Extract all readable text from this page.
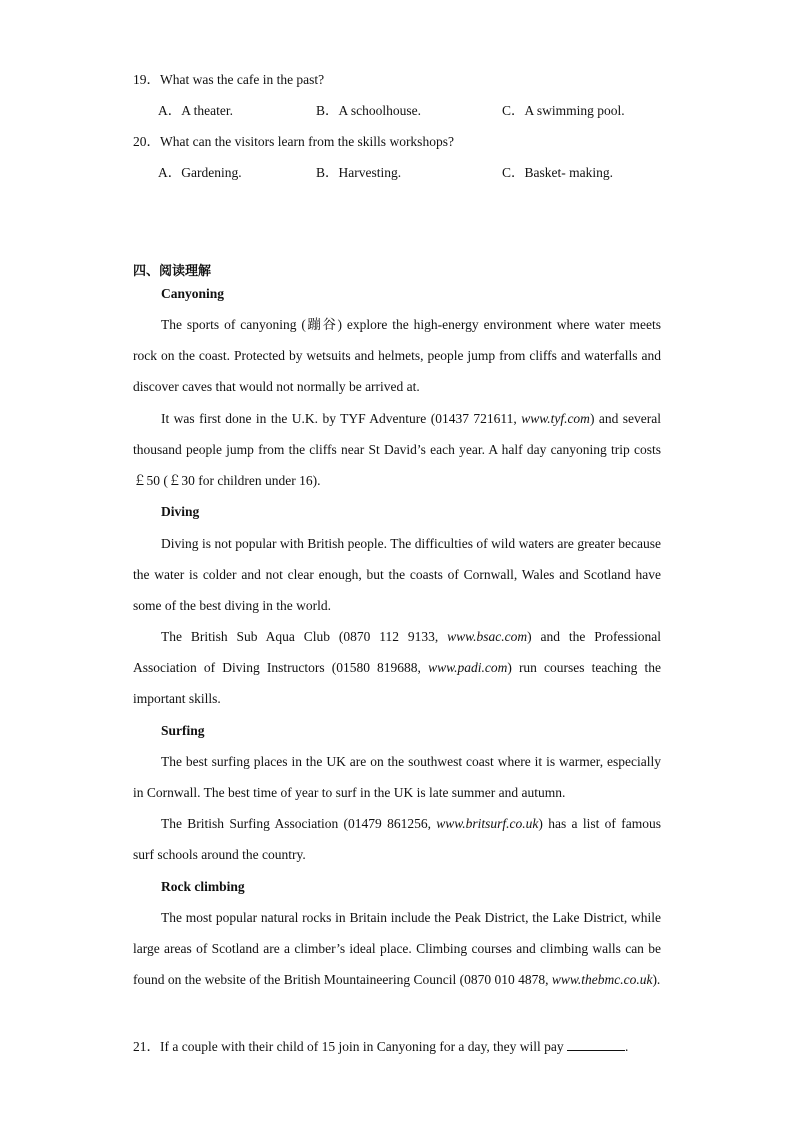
19．What was the cafe in the past?
A．A theater.	B．A schoolhouse.	C．A swimming pool.
20．What can the visitors learn from the skills workshops?
A．Gardening.	B．Harvesting.	C．Basket- making.
四、阅读理解
Canyoning

The sports of canyoning (蹦谷) explore the high-energy environment where water meets rock on the coast. Protected by wetsuits and helmets, people jump from cliffs and waterfalls and discover caves that would not normally be arrived at.

It was first done in the U.K. by TYF Adventure (01437 721611, www.tyf.com) and several thousand people jump from the cliffs near St David’s each year. A half day canyoning trip costs ￡50 (￡30 for children under 16).

Diving

Diving is not popular with British people. The difficulties of wild waters are greater because the water is colder and not clear enough, but the coasts of Cornwall, Wales and Scotland have some of the best diving in the world.

The British Sub Aqua Club (0870 112 9133, www.bsac.com) and the Professional Association of Diving Instructors (01580 819688, www.padi.com) run courses teaching the important skills.

Surfing

The best surfing places in the UK are on the southwest coast where it is warmer, especially in Cornwall. The best time of year to surf in the UK is late summer and autumn.

The British Surfing Association (01479 861256, www.britsurf.co.uk) has a list of famous surf schools around the country.

Rock climbing

The most popular natural rocks in Britain include the Peak District, the Lake District, while large areas of Scotland are a climber’s ideal place. Climbing courses and climbing walls can be found on the website of the British Mountaineering Council (0870 010 4878, www.thebmc.co.uk).

21．If a couple with their child of 15 join in Canyoning for a day, they will pay	.
